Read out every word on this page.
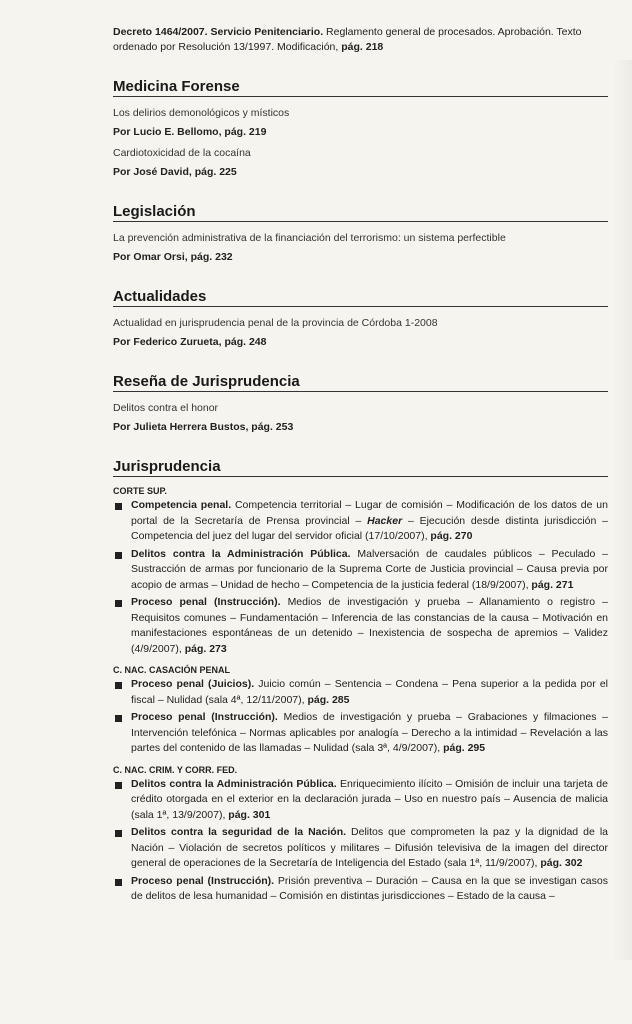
Decreto 1464/2007. Servicio Penitenciario. Reglamento general de procesados. Aprobación. Texto ordenado por Resolución 13/1997. Modificación, pág. 218

Medicina Forense

Los delirios demonológicos y místicos

Por Lucio E. Bellomo, pág. 219

Cardiotoxicidad de la cocaína

Por José David, pág. 225

Legislación

La prevención administrativa de la financiación del terrorismo: un sistema perfectible

Por Omar Orsi, pág. 232

Actualidades

Actualidad en jurisprudencia penal de la provincia de Córdoba 1-2008

Por Federico Zurueta, pág. 248

Reseña de Jurisprudencia

Delitos contra el honor

Por Julieta Herrera Bustos, pág. 253

Jurisprudencia
CORTE SUP.
Competencia penal. Competencia territorial – Lugar de comisión – Modificación de los datos de un portal de la Secretaría de Prensa provincial – Hacker – Ejecución desde distinta jurisdicción – Competencia del juez del lugar del servidor oficial (17/10/2007), pág. 270
Delitos contra la Administración Pública. Malversación de caudales públicos – Peculado – Sustracción de armas por funcionario de la Suprema Corte de Justicia provincial – Causa previa por acopio de armas – Unidad de hecho – Competencia de la justicia federal (18/9/2007), pág. 271
Proceso penal (Instrucción). Medios de investigación y prueba – Allanamiento o registro – Requisitos comunes – Fundamentación – Inferencia de las constancias de la causa – Motivación en manifestaciones espontáneas de un detenido – Inexistencia de sospecha de apremios – Validez (4/9/2007), pág. 273
C. NAC. CASACIÓN PENAL
Proceso penal (Juicios). Juicio común – Sentencia – Condena – Pena superior a la pedida por el fiscal – Nulidad (sala 4ª, 12/11/2007), pág. 285
Proceso penal (Instrucción). Medios de investigación y prueba – Grabaciones y filmaciones – Intervención telefónica – Normas aplicables por analogía – Derecho a la intimidad – Revelación a las partes del contenido de las llamadas – Nulidad (sala 3ª, 4/9/2007), pág. 295
C. NAC. CRIM. Y CORR. FED.
Delitos contra la Administración Pública. Enriquecimiento ilícito – Omisión de incluir una tarjeta de crédito otorgada en el exterior en la declaración jurada – Uso en nuestro país – Ausencia de malicia (sala 1ª, 13/9/2007), pág. 301
Delitos contra la seguridad de la Nación. Delitos que comprometen la paz y la dignidad de la Nación – Violación de secretos políticos y militares – Difusión televisiva de la imagen del director general de operaciones de la Secretaría de Inteligencia del Estado (sala 1ª, 11/9/2007), pág. 302
Proceso penal (Instrucción). Prisión preventiva – Duración – Causa en la que se investigan casos de delitos de lesa humanidad – Comisión en distintas jurisdicciones – Estado de la causa –
